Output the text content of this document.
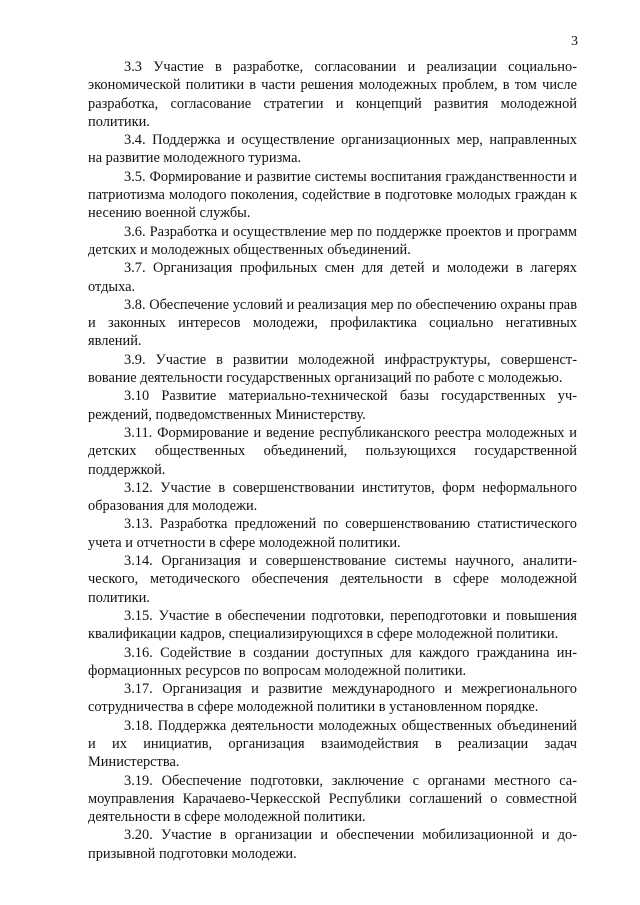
3

3.3 Участие в разработке, согласовании и реализации социально-экономической политики в части решения молодежных проблем, в том числе разработка, согласование стратегии и концепций развития молодежной политики.

3.4. Поддержка и осуществление организационных мер, направленных на развитие молодежного туризма.

3.5. Формирование и развитие системы воспитания гражданственности и патриотизма молодого поколения, содействие в подготовке молодых граждан к несению военной службы.

3.6. Разработка и осуществление мер по поддержке проектов и программ детских и молодежных общественных объединений.

3.7. Организация профильных смен для детей и молодежи в лагерях отдыха.

3.8. Обеспечение условий и реализация мер по обеспечению охраны прав и законных интересов молодежи, профилактика социально негативных явлений.

3.9. Участие в развитии молодежной инфраструктуры, совершенствование деятельности государственных организаций по работе с молодежью.

3.10 Развитие материально-технической базы государственных учреждений, подведомственных Министерству.

3.11. Формирование и ведение республиканского реестра молодежных и детских общественных объединений, пользующихся государственной поддержкой.

3.12. Участие в совершенствовании институтов, форм неформального образования для молодежи.

3.13. Разработка предложений по совершенствованию статистического учета и отчетности в сфере молодежной политики.

3.14. Организация и совершенствование системы научного, аналитического, методического обеспечения деятельности в сфере молодежной политики.

3.15. Участие в обеспечении подготовки, переподготовки и повышения квалификации кадров, специализирующихся в сфере молодежной политики.

3.16. Содействие в создании доступных для каждого гражданина информационных ресурсов по вопросам молодежной политики.

3.17. Организация и развитие международного и межрегионального сотрудничества в сфере молодежной политики в установленном порядке.

3.18. Поддержка деятельности молодежных общественных объединений и их инициатив, организация взаимодействия в реализации задач Министерства.

3.19. Обеспечение подготовки, заключение с органами местного самоуправления Карачаево-Черкесской Республики соглашений о совместной деятельности в сфере молодежной политики.

3.20. Участие в организации и обеспечении мобилизационной и допризывной подготовки молодежи.
